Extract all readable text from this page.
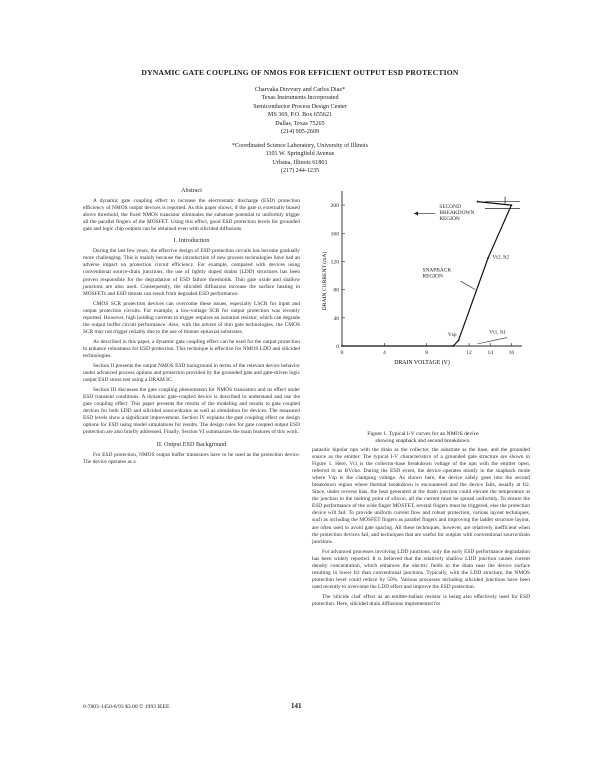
DYNAMIC GATE COUPLING OF NMOS FOR EFFICIENT OUTPUT ESD PROTECTION
Charvaka Duvvury and Carlos Diaz*
Texas Instruments Incorporated
Semiconductor Process Design Center
MS 369, P.O. Box 655621
Dallas, Texas 75265
(214) 995-2609
*Coordinated Science Laboratory, University of Illinois
1101 W. Springfield Avenue
Urbana, Illinois 61801
(217) 244-1235
Abstract

A dynamic gate coupling effect to increase the electrostatic discharge (ESD) protection efficiency of NMOS output devices is reported. As this paper shows, if the gate is externally biased above threshold, the fixed NMOS transistor eliminates the substrate potential to uniformly trigger all the parallel fingers of the MOSFET. Using this effect, good ESD protection levels for grounded gate and logic chip outputs can be obtained even with silicided diffusions.

I. Introduction

During the last few years, the effective design of ESD protection circuits has become gradually more challenging. This is mainly because the introduction of new process technologies have had an adverse impact on protection circuit efficiency. For example, compared with devices using conventional source-drain junctions, the use of lightly doped drains (LDD) structures has been proven responsible for the degradation of ESD failure thresholds. Thin gate oxide and shallow junctions are also used. Consequently, the silicided diffusions increase the surface heating in MOSFETs and ESD threats can result from degraded ESD performance.

CMOS SCR protection devices can overcome these issues, especially LSCR for input and output protection circuits. For example, a low-voltage SCR for output protection was recently reported. However, high holding currents to trigger requires an isolation resistor, which can degrade the output buffer circuit performance. Also, with the advent of thin gate technologies, the CMOS SCR may not trigger reliably due to the use of thinner epitaxial substrates.

As described in this paper, a dynamic gate coupling effect can be used for the output protection to enhance robustness for ESD protection. This technique is effective for NMOS LDD and silicided technologies.

Section II presents the output NMOS ESD background in terms of the relevant device behavior under advanced process options and protection provided by the grounded gate and gate-driven logic output ESD stress test using a DRAM IC.

Section III discusses the gate coupling phenomenon for NMOS transistors and its effect under ESD transient conditions. A dynamic gate-coupled device is described to understand and use the gate coupling effect. This paper presents the results of the modeling and results to gate coupled devices for both LDD and silicided source/drains as well as simulation for devices. The measured ESD levels show a significant improvement. Section IV explains the gate coupling effect on design options for ESD using model simulations for results. The design rules for gate coupled output ESD protection are also briefly addressed. Finally, Section VI summarizes the main features of this work.

II. Output ESD Background

For ESD protection, NMOS output buffer transistors have to be used as the protection device. The device operates as a

0	4	8	12	14	16
0
40
80
120
160
200
DRAIN CURRENT (mA)
DRAIN VOLTAGE (V)
SECOND BREAKDOWN REGION
SNAPBACK REGION
Vt2, It2
Vsp	Vt1, It1
Figure 1. Typical I-V curves for an NMOS device
showing snapback and second breakdown.

parasitic bipolar npn with the drain as the collector, the substrate as the base, and the grounded source as the emitter. The typical I-V characteristics of a grounded gate structure are shown in Figure 1. Here, Vt1 is the collector-base breakdown voltage of the npn with the emitter open, referred to as BVcbo. During the ESD event, the device operates mostly in the snapback mode where Vsp is the clamping voltage. As shown here, the device safely goes into the second breakdown region where thermal breakdown is encountered and the device fails, usually at It2. Since, under reverse bias, the heat generated at the drain junction could elevate the temperature at the junction to the melting point of silicon, all the current must be spread uniformly. To ensure the ESD performance of the wide finger MOSFET, several fingers must be triggered, else the protection device will fail. To provide uniform current flow and robust protection, various layout techniques, such as including the MOSFET fingers as parallel fingers and improving the ladder structure layout, are often used to avoid gate spacing. All these techniques, however, are relatively inefficient when the protection devices fail, and techniques that are useful for outputs with conventional source/drain junctions.

For advanced processes involving LDD junctions, only the early ESD performance degradation has been widely reported. It is believed that the relatively shallow LDD junction causes current density concentration, which enhances the electric fields in the drain near the device surface resulting in lower It2 than conventional junctions. Typically, with the LDD structure, the NMOS protection level could reduce by 50%. Various processes including silicided junctions have been used recently to overcome the LDD effect and improve the ESD protection.

The 'silicide clad' effect as an emitter-ballast resistor is being also effectively used for ESD protection. Here, silicided drain diffusions implemented for

0-7803-1450-6/93 $3.00 © 1993 IEEE	141
